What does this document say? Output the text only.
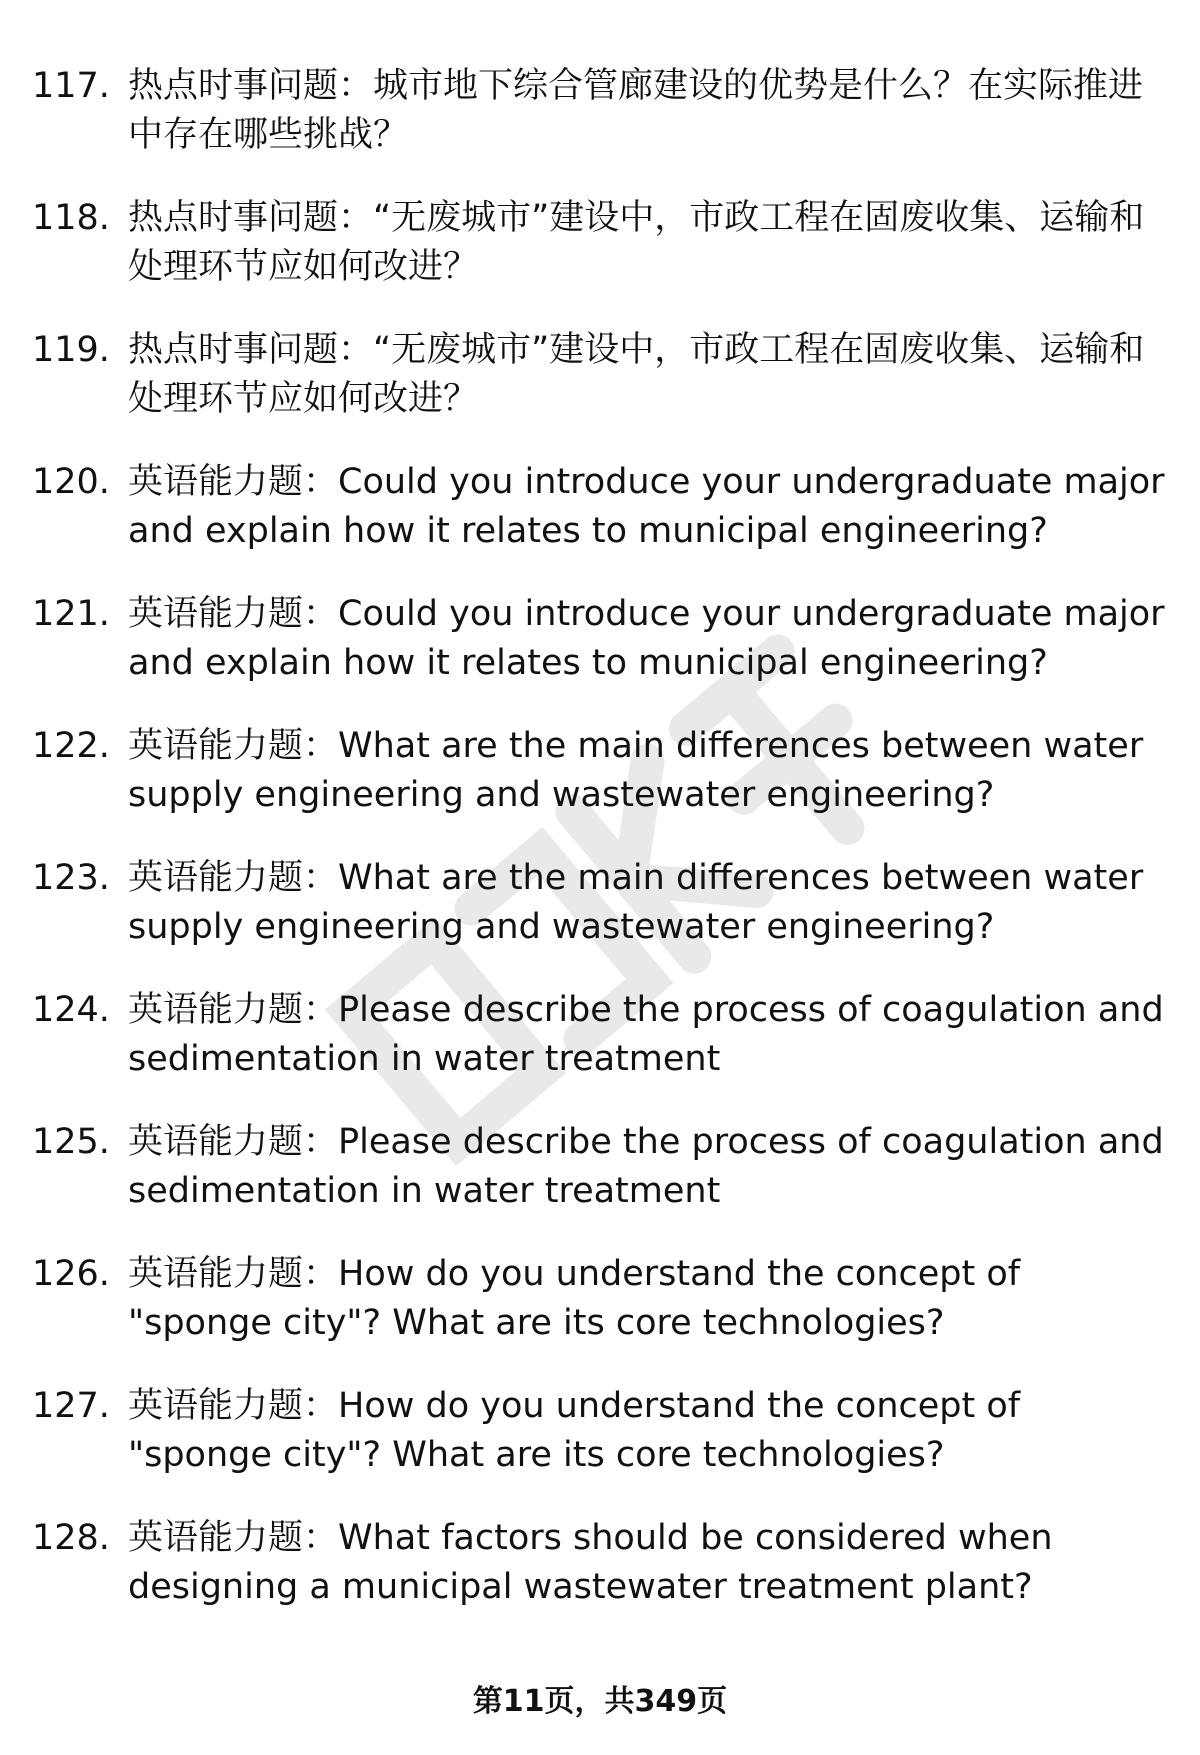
117. 热点时事问题：城市地下综合管廊建设的优势是什么？在实际推进中存在哪些挑战？
118. 热点时事问题：“无废城市”建设中，市政工程在固废收集、运输和处理环节应如何改进？
119. 热点时事问题：“无废城市”建设中，市政工程在固废收集、运输和处理环节应如何改进？
120. 英语能力题：Could you introduce your undergraduate major and explain how it relates to municipal engineering?
121. 英语能力题：Could you introduce your undergraduate major and explain how it relates to municipal engineering?
122. 英语能力题：What are the main differences between water supply engineering and wastewater engineering?
123. 英语能力题：What are the main differences between water supply engineering and wastewater engineering?
124. 英语能力题：Please describe the process of coagulation and sedimentation in water treatment
125. 英语能力题：Please describe the process of coagulation and sedimentation in water treatment
126. 英语能力题：How do you understand the concept of "sponge city"? What are its core technologies?
127. 英语能力题：How do you understand the concept of "sponge city"? What are its core technologies?
128. 英语能力题：What factors should be considered when designing a municipal wastewater treatment plant?
第11页，共349页
